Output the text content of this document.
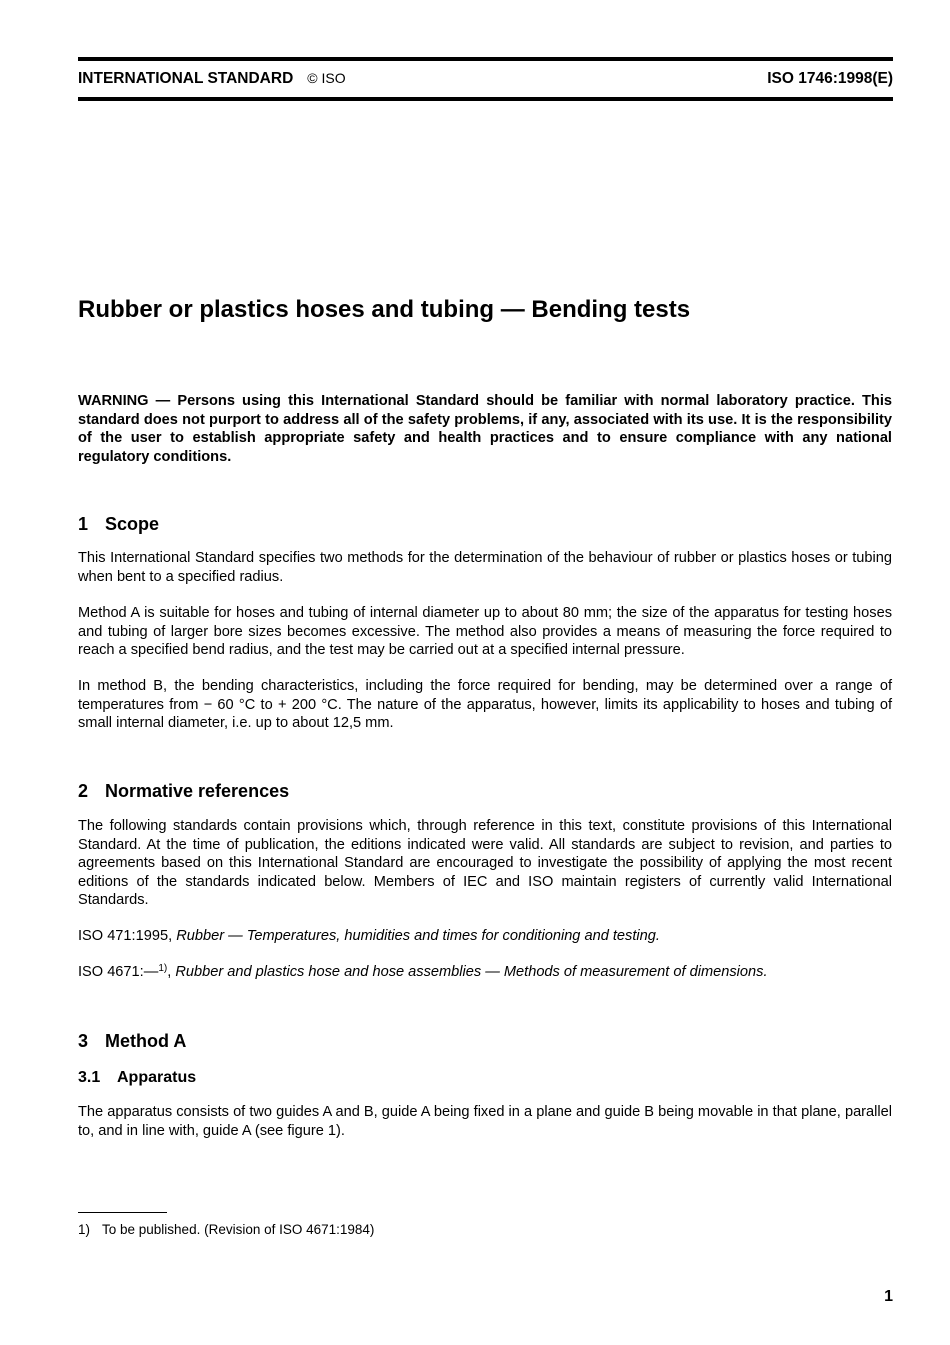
INTERNATIONAL STANDARD © ISO	ISO 1746:1998(E)
Rubber or plastics hoses and tubing — Bending tests
WARNING — Persons using this International Standard should be familiar with normal laboratory practice. This standard does not purport to address all of the safety problems, if any, associated with its use. It is the responsibility of the user to establish appropriate safety and health practices and to ensure compliance with any national regulatory conditions.
1 Scope
This International Standard specifies two methods for the determination of the behaviour of rubber or plastics hoses or tubing when bent to a specified radius.
Method A is suitable for hoses and tubing of internal diameter up to about 80 mm; the size of the apparatus for testing hoses and tubing of larger bore sizes becomes excessive. The method also provides a means of measuring the force required to reach a specified bend radius, and the test may be carried out at a specified internal pressure.
In method B, the bending characteristics, including the force required for bending, may be determined over a range of temperatures from − 60 °C to + 200 °C. The nature of the apparatus, however, limits its applicability to hoses and tubing of small internal diameter, i.e. up to about 12,5 mm.
2 Normative references
The following standards contain provisions which, through reference in this text, constitute provisions of this International Standard. At the time of publication, the editions indicated were valid. All standards are subject to revision, and parties to agreements based on this International Standard are encouraged to investigate the possibility of applying the most recent editions of the standards indicated below. Members of IEC and ISO maintain registers of currently valid International Standards.
ISO 471:1995, Rubber — Temperatures, humidities and times for conditioning and testing.
ISO 4671:—$^{1)}$, Rubber and plastics hose and hose assemblies — Methods of measurement of dimensions.
3 Method A
3.1 Apparatus
The apparatus consists of two guides A and B, guide A being fixed in a plane and guide B being movable in that plane, parallel to, and in line with, guide A (see figure 1).
1) To be published. (Revision of ISO 4671:1984)
1
